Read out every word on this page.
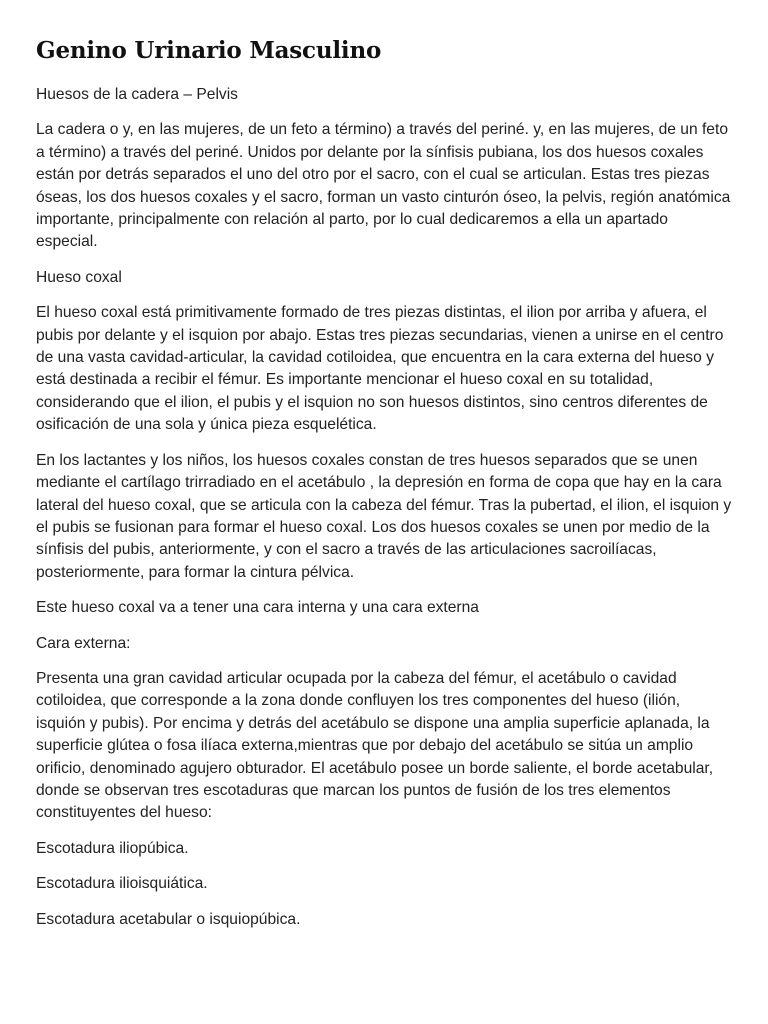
Genino Urinario Masculino

Huesos de la cadera – Pelvis

La cadera o y, en las mujeres, de un feto a término) a través del periné. y, en las mujeres, de un feto a término) a través del periné. Unidos por delante por la sínfisis pubiana, los dos huesos coxales están por detrás separados el uno del otro por el sacro, con el cual se articulan. Estas tres piezas óseas, los dos huesos coxales y el sacro, forman un vasto cinturón óseo, la pelvis, región anatómica importante, principalmente con relación al parto, por lo cual dedicaremos a ella un apartado especial.

Hueso coxal

El hueso coxal está primitivamente formado de tres piezas distintas, el ilion por arriba y afuera, el pubis por delante y el isquion por abajo. Estas tres piezas secundarias, vienen a unirse en el centro de una vasta cavidad-articular, la cavidad cotiloidea, que encuentra en la cara externa del hueso y está destinada a recibir el fémur. Es importante mencionar el hueso coxal en su totalidad, considerando que el ilion, el pubis y el isquion no son huesos distintos, sino centros diferentes de osificación de una sola y única pieza esquelética.

En los lactantes y los niños, los huesos coxales constan de tres huesos separados que se unen mediante el cartílago trirradiado en el acetábulo , la depresión en forma de copa que hay en la cara lateral del hueso coxal, que se articula con la cabeza del fémur. Tras la pubertad, el ilion, el isquion y el pubis se fusionan para formar el hueso coxal. Los dos huesos coxales se unen por medio de la sínfisis del pubis, anteriormente, y con el sacro a través de las articulaciones sacroilíacas, posteriormente, para formar la cintura pélvica.

Este hueso coxal va a tener una cara interna y una cara externa

Cara externa:

Presenta una gran cavidad articular ocupada por la cabeza del fémur, el acetábulo o cavidad cotiloidea, que corresponde a la zona donde confluyen los tres componentes del hueso (ilión, isquión y pubis). Por encima y detrás del acetábulo se dispone una amplia superficie aplanada, la superficie glútea o fosa ilíaca externa,mientras que por debajo del acetábulo se sitúa un amplio orificio, denominado agujero obturador. El acetábulo posee un borde saliente, el borde acetabular, donde se observan tres escotaduras que marcan los puntos de fusión de los tres elementos constituyentes del hueso:

Escotadura iliopúbica.

Escotadura ilioisquiática.

Escotadura acetabular o isquiopúbica.
